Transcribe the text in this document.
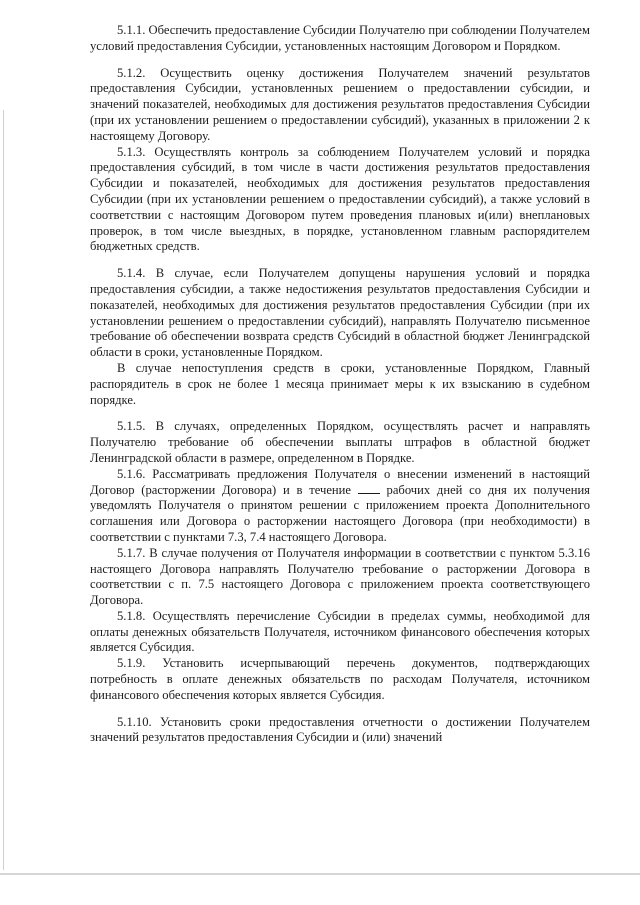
5.1.1. Обеспечить предоставление Субсидии Получателю при соблюдении Получателем условий предоставления Субсидии, установленных настоящим Договором и Порядком.

5.1.2. Осуществить оценку достижения Получателем значений результатов предоставления Субсидии, установленных решением о предоставлении субсидии, и значений показателей, необходимых для достижения результатов предоставления Субсидии (при их установлении решением о предоставлении субсидий), указанных в приложении 2 к настоящему Договору.

5.1.3. Осуществлять контроль за соблюдением Получателем условий и порядка предоставления субсидий, в том числе в части достижения результатов предоставления Субсидии и показателей, необходимых для достижения результатов предоставления Субсидии (при их установлении решением о предоставлении субсидий), а также условий в соответствии с настоящим Договором путем проведения плановых и(или) внеплановых проверок, в том числе выездных, в порядке, установленном главным распорядителем бюджетных средств.

5.1.4. В случае, если Получателем допущены нарушения условий и порядка предоставления субсидии, а также недостижения результатов предоставления Субсидии и показателей, необходимых для достижения результатов предоставления Субсидии (при их установлении решением о предоставлении субсидий), направлять Получателю письменное требование об обеспечении возврата средств Субсидий в областной бюджет Ленинградской области в сроки, установленные Порядком.

В случае непоступления средств в сроки, установленные Порядком, Главный распорядитель в срок не более 1 месяца принимает меры к их взысканию в судебном порядке.

5.1.5. В случаях, определенных Порядком, осуществлять расчет и направлять Получателю требование об обеспечении выплаты штрафов в областной бюджет Ленинградской области в размере, определенном в Порядке.

5.1.6. Рассматривать предложения Получателя о внесении изменений в настоящий Договор (расторжении Договора) и в течение	рабочих дней со дня их получения уведомлять Получателя о принятом решении с приложением проекта Дополнительного соглашения или Договора о расторжении настоящего Договора (при необходимости) в соответствии с пунктами 7.3, 7.4 настоящего Договора.

5.1.7. В случае получения от Получателя информации в соответствии с пунктом 5.3.16 настоящего Договора направлять Получателю требование о расторжении Договора в соответствии с п. 7.5 настоящего Договора с приложением проекта соответствующего Договора.

5.1.8. Осуществлять перечисление Субсидии в пределах суммы, необходимой для оплаты денежных обязательств Получателя, источником финансового обеспечения которых является Субсидия.

5.1.9. Установить исчерпывающий перечень документов, подтверждающих потребность в оплате денежных обязательств по расходам Получателя, источником финансового обеспечения которых является Субсидия.

5.1.10. Установить сроки предоставления отчетности о достижении Получателем значений результатов предоставления Субсидии и (или) значений
